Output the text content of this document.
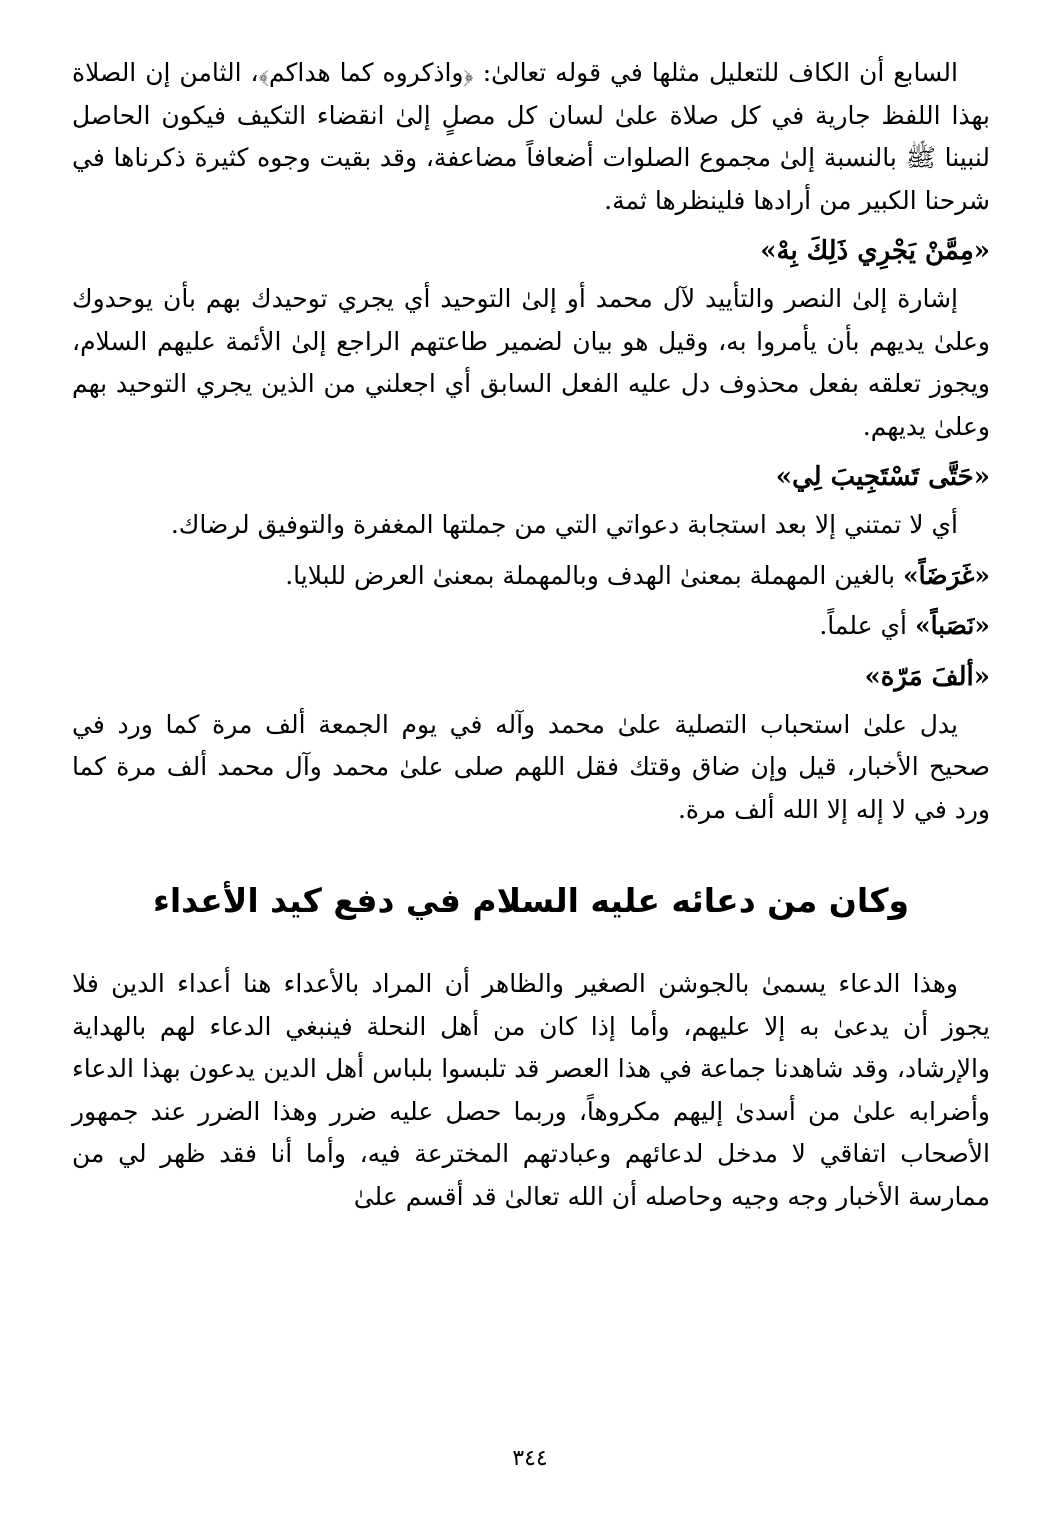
السابع أن الكاف للتعليل مثلها في قوله تعالىٰ: ﴿واذكروه كما هداكم﴾، الثامن إن الصلاة بهذا اللفظ جارية في كل صلاة علىٰ لسان كل مصلٍ إلىٰ انقضاء التكيف فيكون الحاصل لنبينا ﷺ بالنسبة إلىٰ مجموع الصلوات أضعافاً مضاعفة، وقد بقيت وجوه كثيرة ذكرناها في شرحنا الكبير من أرادها فلينظرها ثمة.

«مِمَّنْ يَجْرِي ذَلِكَ بِهْ»

إشارة إلىٰ النصر والتأييد لآل محمد أو إلىٰ التوحيد أي يجري توحيدك بهم بأن يوحدوك وعلىٰ يديهم بأن يأمروا به، وقيل هو بيان لضمير طاعتهم الراجع إلىٰ الأئمة عليهم السلام، ويجوز تعلقه بفعل محذوف دل عليه الفعل السابق أي اجعلني من الذين يجري التوحيد بهم وعلىٰ يديهم.

«حَتَّى تَسْتَجِيبَ لِي»

أي لا تمتني إلا بعد استجابة دعواتي التي من جملتها المغفرة والتوفيق لرضاك.

«غَرَضَاً» بالغين المهملة بمعنىٰ الهدف وبالمهملة بمعنىٰ العرض للبلايا.

«نَصَباً» أي علماً.

«ألفَ مَرّة»

يدل علىٰ استحباب التصلية علىٰ محمد وآله في يوم الجمعة ألف مرة كما ورد في صحيح الأخبار، قيل وإن ضاق وقتك فقل اللهم صلى علىٰ محمد وآل محمد ألف مرة كما ورد في لا إله إلا الله ألف مرة.

وكان من دعائه عليه السلام في دفع كيد الأعداء

وهذا الدعاء يسمىٰ بالجوشن الصغير والظاهر أن المراد بالأعداء هنا أعداء الدين فلا يجوز أن يدعىٰ به إلا عليهم، وأما إذا كان من أهل النحلة فينبغي الدعاء لهم بالهداية والإرشاد، وقد شاهدنا جماعة في هذا العصر قد تلبسوا بلباس أهل الدين يدعون بهذا الدعاء وأضرابه علىٰ من أسدىٰ إليهم مكروهاً، وربما حصل عليه ضرر وهذا الضرر عند جمهور الأصحاب اتفاقي لا مدخل لدعائهم وعبادتهم المخترعة فيه، وأما أنا فقد ظهر لي من ممارسة الأخبار وجه وجيه وحاصله أن الله تعالىٰ قد أقسم علىٰ

٣٤٤
